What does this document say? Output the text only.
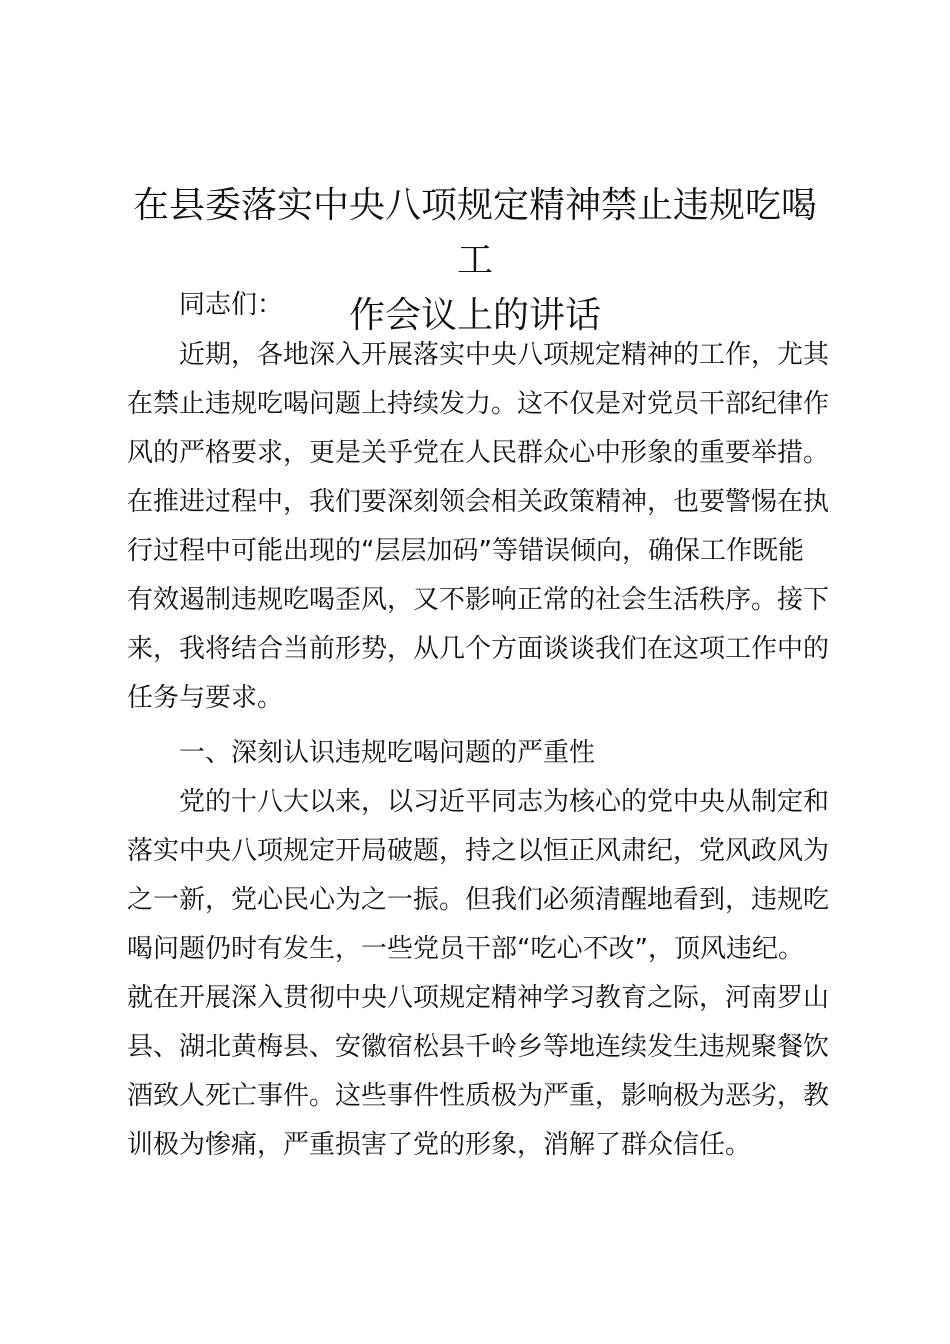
在县委落实中央八项规定精神禁止违规吃喝工
作会议上的讲话

同志们：

近期，各地深入开展落实中央八项规定精神的工作，尤其

在禁止违规吃喝问题上持续发力。这不仅是对党员干部纪律作

风的严格要求，更是关乎党在人民群众心中形象的重要举措。

在推进过程中，我们要深刻领会相关政策精神，也要警惕在执

行过程中可能出现的“层层加码”等错误倾向，确保工作既能

有效遏制违规吃喝歪风，又不影响正常的社会生活秩序。接下

来，我将结合当前形势，从几个方面谈谈我们在这项工作中的

任务与要求。

一、深刻认识违规吃喝问题的严重性

党的十八大以来，以习近平同志为核心的党中央从制定和

落实中央八项规定开局破题，持之以恒正风肃纪，党风政风为

之一新，党心民心为之一振。但我们必须清醒地看到，违规吃

喝问题仍时有发生，一些党员干部“吃心不改”，顶风违纪。

就在开展深入贯彻中央八项规定精神学习教育之际，河南罗山

县、湖北黄梅县、安徽宿松县千岭乡等地连续发生违规聚餐饮

酒致人死亡事件。这些事件性质极为严重，影响极为恶劣，教

训极为惨痛，严重损害了党的形象，消解了群众信任。
